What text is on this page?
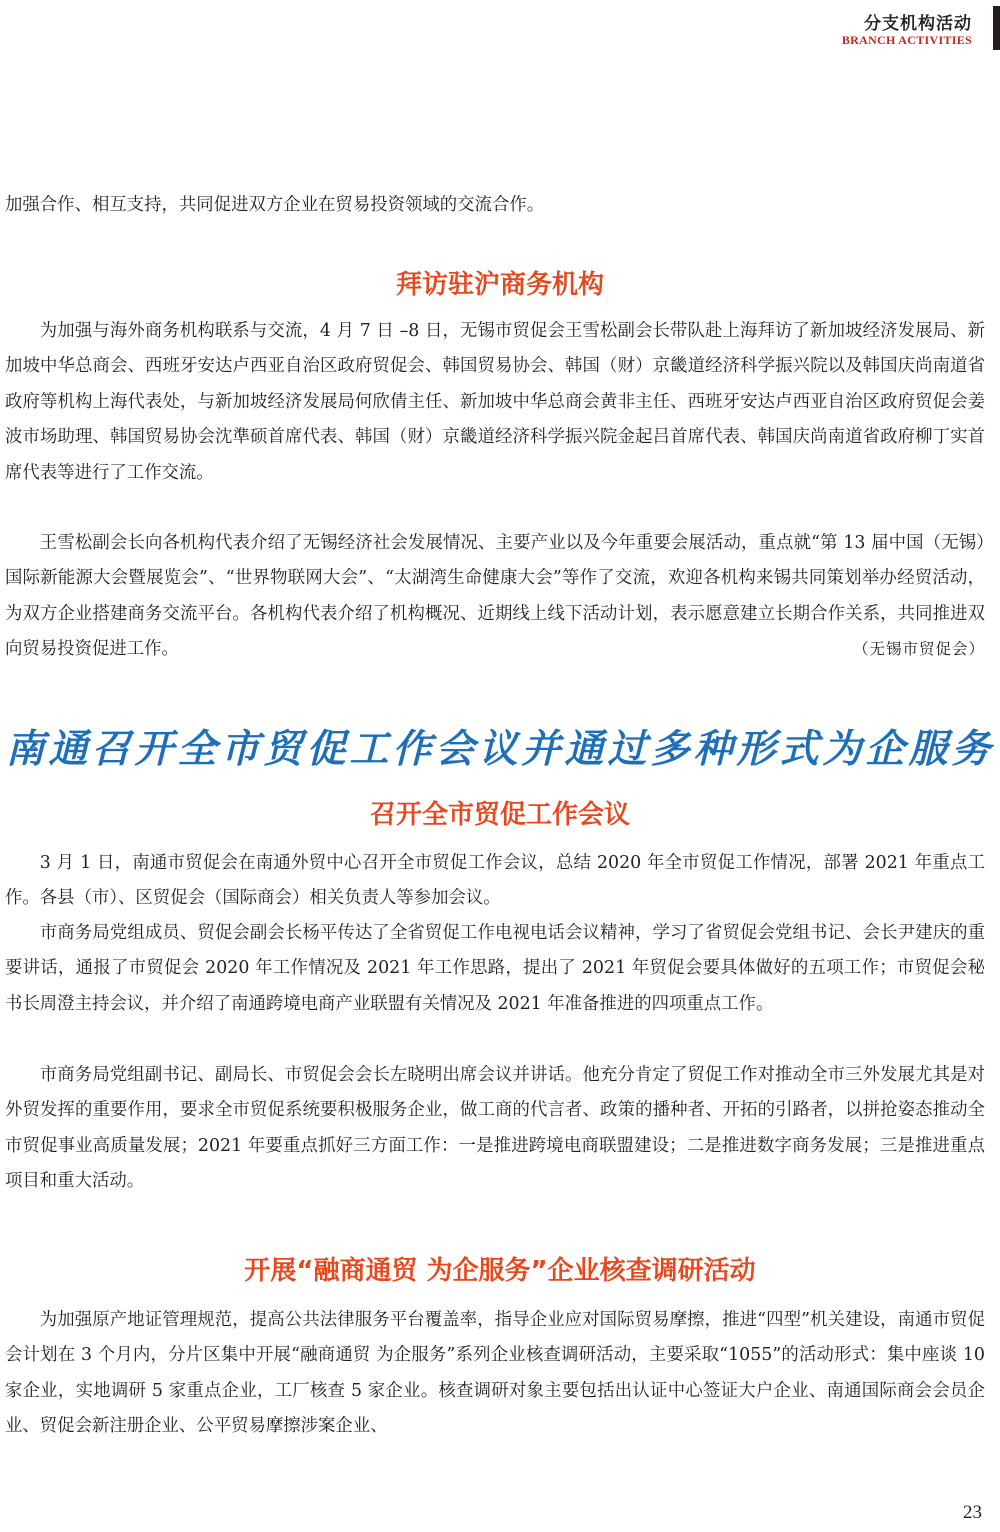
分支机构活动
BRANCH ACTIVITIES

加强合作、相互支持，共同促进双方企业在贸易投资领域的交流合作。

拜访驻沪商务机构

为加强与海外商务机构联系与交流，4 月 7 日 –8 日，无锡市贸促会王雪松副会长带队赴上海拜访了新加坡经济发展局、新加坡中华总商会、西班牙安达卢西亚自治区政府贸促会、韩国贸易协会、韩国（财）京畿道经济科学振兴院以及韩国庆尚南道省政府等机构上海代表处，与新加坡经济发展局何欣倩主任、新加坡中华总商会黄非主任、西班牙安达卢西亚自治区政府贸促会姜波市场助理、韩国贸易协会沈準硕首席代表、韩国（财）京畿道经济科学振兴院金起吕首席代表、韩国庆尚南道省政府柳丁实首席代表等进行了工作交流。

王雪松副会长向各机构代表介绍了无锡经济社会发展情况、主要产业以及今年重要会展活动，重点就“第 13 届中国（无锡）国际新能源大会暨展览会”、“世界物联网大会”、“太湖湾生命健康大会”等作了交流，欢迎各机构来锡共同策划举办经贸活动，为双方企业搭建商务交流平台。各机构代表介绍了机构概况、近期线上线下活动计划，表示愿意建立长期合作关系，共同推进双向贸易投资促进工作。	（无锡市贸促会）

南通召开全市贸促工作会议并通过多种形式为企服务
召开全市贸促工作会议

3 月 1 日，南通市贸促会在南通外贸中心召开全市贸促工作会议，总结 2020 年全市贸促工作情况，部署 2021 年重点工作。各县（市）、区贸促会（国际商会）相关负责人等参加会议。

市商务局党组成员、贸促会副会长杨平传达了全省贸促工作电视电话会议精神，学习了省贸促会党组书记、会长尹建庆的重要讲话，通报了市贸促会 2020 年工作情况及 2021 年工作思路，提出了 2021 年贸促会要具体做好的五项工作；市贸促会秘书长周澄主持会议，并介绍了南通跨境电商产业联盟有关情况及 2021 年准备推进的四项重点工作。

市商务局党组副书记、副局长、市贸促会会长左晓明出席会议并讲话。他充分肯定了贸促工作对推动全市三外发展尤其是对外贸发挥的重要作用，要求全市贸促系统要积极服务企业，做工商的代言者、政策的播种者、开拓的引路者，以拼抢姿态推动全市贸促事业高质量发展；2021 年要重点抓好三方面工作：一是推进跨境电商联盟建设；二是推进数字商务发展；三是推进重点项目和重大活动。

开展“融商通贸 为企服务”企业核查调研活动

为加强原产地证管理规范，提高公共法律服务平台覆盖率，指导企业应对国际贸易摩擦，推进“四型”机关建设，南通市贸促会计划在 3 个月内，分片区集中开展“融商通贸 为企服务”系列企业核查调研活动，主要采取“1055”的活动形式：集中座谈 10 家企业，实地调研 5 家重点企业，工厂核查 5 家企业。核查调研对象主要包括出认证中心签证大户企业、南通国际商会会员企业、贸促会新注册企业、公平贸易摩擦涉案企业、

23
